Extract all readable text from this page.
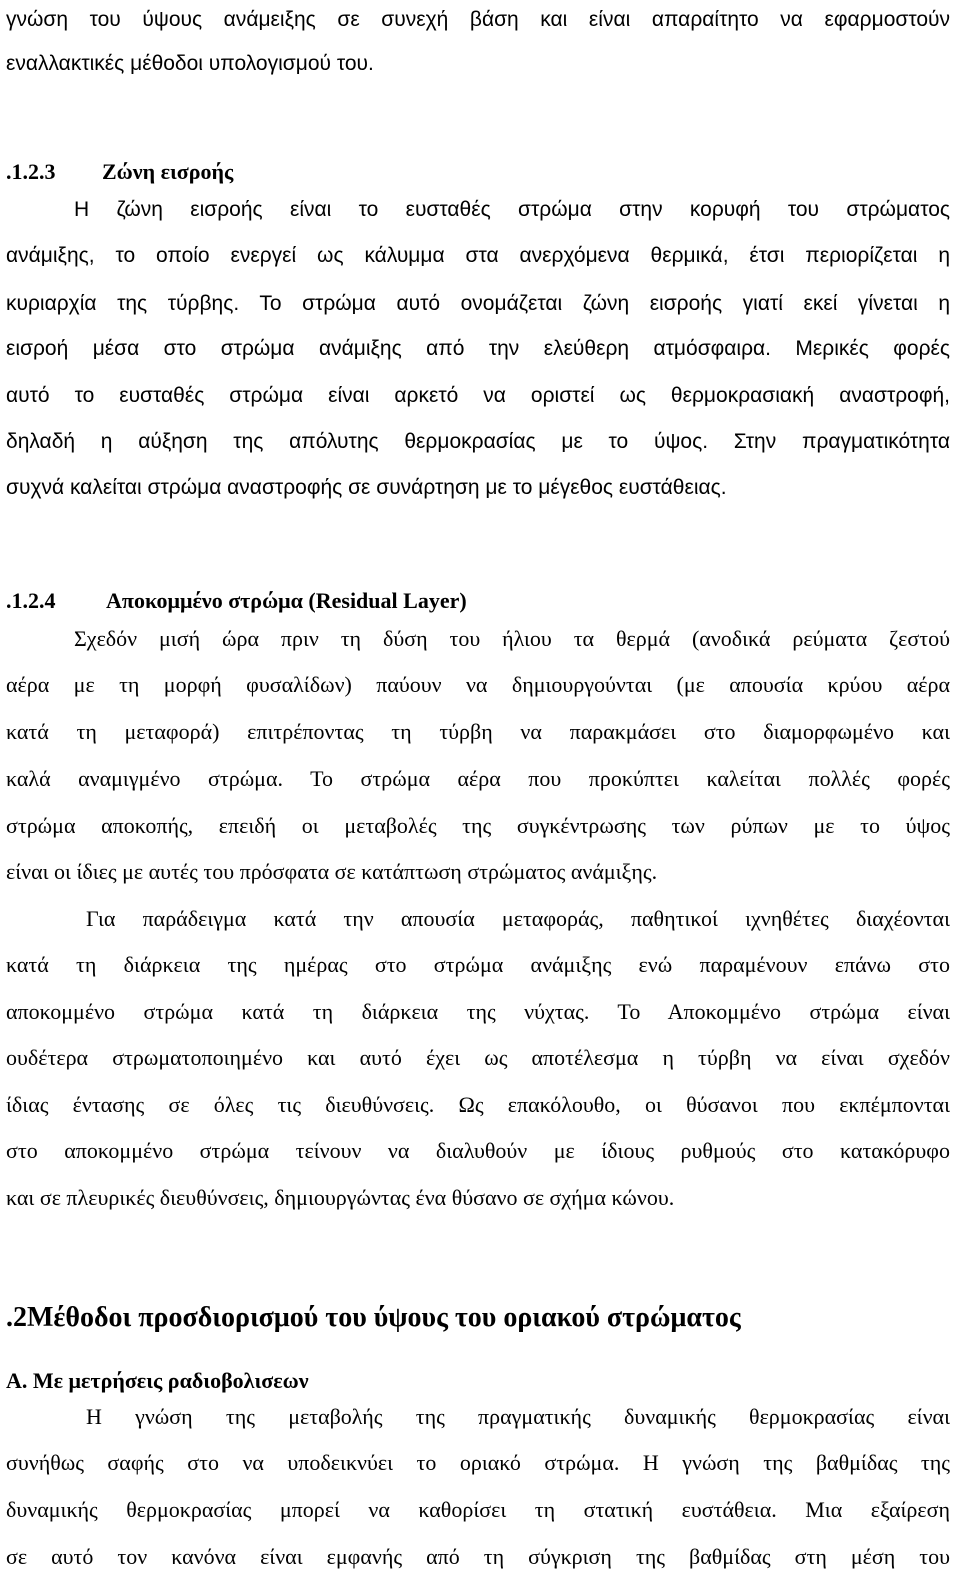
γνώση του ύψους ανάμειξης σε συνεχή βάση και είναι απαραίτητο να εφαρμοστούν
εναλλακτικές μέθοδοι υπολογισμού του.
.1.2.3 Ζώνη εισροής
Η ζώνη εισροής είναι το ευσταθές στρώμα στην κορυφή του στρώματος
ανάμιξης, το οποίο ενεργεί ως κάλυμμα στα ανερχόμενα θερμικά, έτσι περιορίζεται η
κυριαρχία της τύρβης. Το στρώμα αυτό ονομάζεται ζώνη εισροής γιατί εκεί γίνεται η
εισροή μέσα στο στρώμα ανάμιξης από την ελεύθερη ατμόσφαιρα. Μερικές φορές
αυτό το ευσταθές στρώμα είναι αρκετό να οριστεί ως θερμοκρασιακή αναστροφή,
δηλαδή η αύξηση της απόλυτης θερμοκρασίας με το ύψος. Στην πραγματικότητα
συχνά καλείται στρώμα αναστροφής σε συνάρτηση με το μέγεθος ευστάθειας.
.1.2.4 Αποκομμένο στρώμα (Residual Layer)
Σχεδόν μισή ώρα πριν τη δύση του ήλιου τα θερμά (ανοδικά ρεύματα ζεστού
αέρα με τη μορφή φυσαλίδων) παύουν να δημιουργούνται (με απουσία κρύου αέρα
κατά τη μεταφορά) επιτρέποντας τη τύρβη να παρακμάσει στο διαμορφωμένο και
καλά αναμιγμένο στρώμα. Το στρώμα αέρα που προκύπτει καλείται πολλές φορές
στρώμα αποκοπής, επειδή οι μεταβολές της συγκέντρωσης των ρύπων με το ύψος
είναι οι ίδιες με αυτές του πρόσφατα σε κατάπτωση στρώματος ανάμιξης.
Για παράδειγμα κατά την απουσία μεταφοράς, παθητικοί ιχνηθέτες διαχέονται
κατά τη διάρκεια της ημέρας στο στρώμα ανάμιξης ενώ παραμένουν επάνω στο
αποκομμένο στρώμα κατά τη διάρκεια της νύχτας. Το Αποκομμένο στρώμα είναι
ουδέτερα στρωματοποιημένο και αυτό έχει ως αποτέλεσμα η τύρβη να είναι σχεδόν
ίδιας έντασης σε όλες τις διευθύνσεις. Ως επακόλουθο, οι θύσανοι που εκπέμπονται
στο αποκομμένο στρώμα τείνουν να διαλυθούν με ίδιους ρυθμούς στο κατακόρυφο
και σε πλευρικές διευθύνσεις, δημιουργώντας ένα θύσανο σε σχήμα κώνου.
.2Μέθοδοι προσδιορισμού του ύψους του οριακού στρώματος
Α. Με μετρήσεις ραδιοβολισεων
Η γνώση της μεταβολής της πραγματικής δυναμικής θερμοκρασίας είναι
συνήθως σαφής στο να υποδεικνύει το οριακό στρώμα. Η γνώση της βαθμίδας της
δυναμικής θερμοκρασίας μπορεί να καθορίσει τη στατική ευστάθεια. Μια εξαίρεση
σε αυτό τον κανόνα είναι εμφανής από τη σύγκριση της βαθμίδας στη μέση του
